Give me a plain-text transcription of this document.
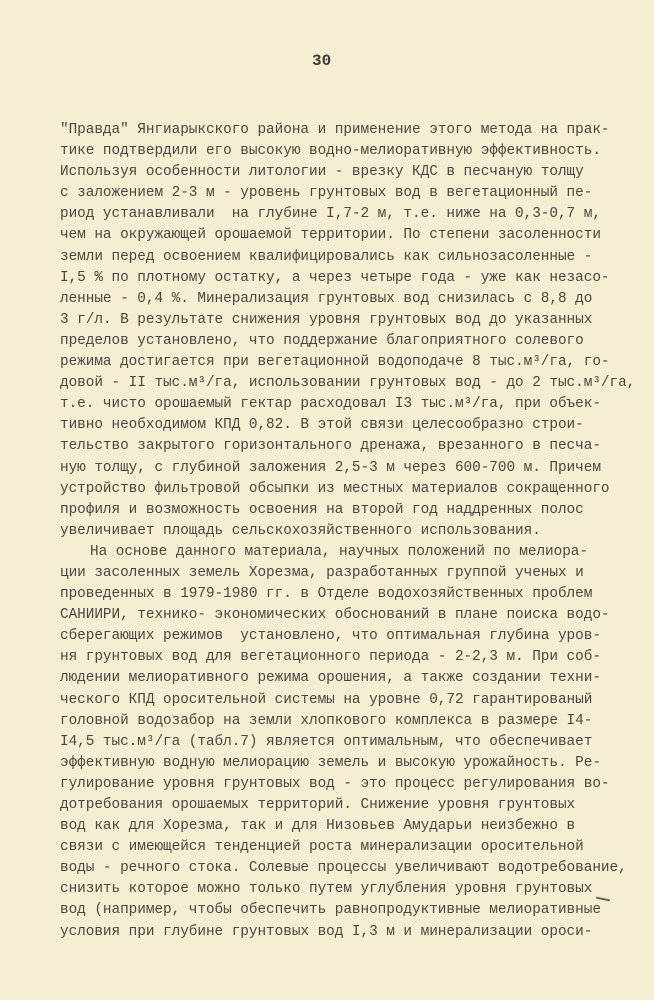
30
"Правда" Янгиарыкского района и применение этого метода на прак-
тике подтвердили его высокую водно-мелиоративную эффективность.
Используя особенности литологии - врезку КДС в песчаную толщу
с заложением 2-3 м - уровень грунтовых вод в вегетационный пе-
риод устанавливали  на глубине I,7-2 м, т.е. ниже на 0,3-0,7 м,
чем на окружающей орошаемой территории. По степени засоленности
земли перед освоением квалифицировались как сильнозасоленные -
I,5 % по плотному остатку, а через четыре года - уже как незасо-
ленные - 0,4 %. Минерализация грунтовых вод снизилась с 8,8 до
3 г/л. В результате снижения уровня грунтовых вод до указанных
пределов установлено, что поддержание благоприятного солевого
режима достигается при вегетационной водоподаче 8 тыс.м³/га, го-
довой - II тыс.м³/га, использовании грунтовых вод - до 2 тыс.м³/га,
т.е. чисто орошаемый гектар расходовал I3 тыс.м³/га, при объек-
тивно необходимом КПД 0,82. В этой связи целесообразно строи-
тельство закрытого горизонтального дренажа, врезанного в песча-
ную толщу, с глубиной заложения 2,5-3 м через 600-700 м. Причем
устройство фильтровой обсыпки из местных материалов сокращенного
профиля и возможность освоения на второй год наддренных полос
увеличивает площадь сельскохозяйственного использования.
На основе данного материала, научных положений по мелиора-
ции засоленных земель Хорезма, разработанных группой ученых и
проведенных в 1979-1980 гг. в Отделе водохозяйственных проблем
САНИИРИ, технико- экономических обоснований в плане поиска водо-
сберегающих режимов  установлено, что оптимальная глубина уров-
ня грунтовых вод для вегетационного периода - 2-2,3 м. При соб-
людении мелиоративного режима орошения, а также создании техни-
ческого КПД оросительной системы на уровне 0,72 гарантированый
головной водозабор на земли хлопкового комплекса в размере I4-
I4,5 тыс.м³/га (табл.7) является оптимальным, что обеспечивает
эффективную водную мелиорацию земель и высокую урожайность. Ре-
гулирование уровня грунтовых вод - это процесс регулирования во-
дотребования орошаемых территорий. Снижение уровня грунтовых
вод как для Хорезма, так и для Низовьев Амударьи неизбежно в
связи с имеющейся тенденцией роста минерализации оросительной
воды - речного стока. Солевые процессы увеличивают водотребование,
снизить которое можно только путем углубления уровня грунтовых
вод (например, чтобы обеспечить равнопродуктивные мелиоративные
условия при глубине грунтовых вод I,3 м и минерализации ороси-
